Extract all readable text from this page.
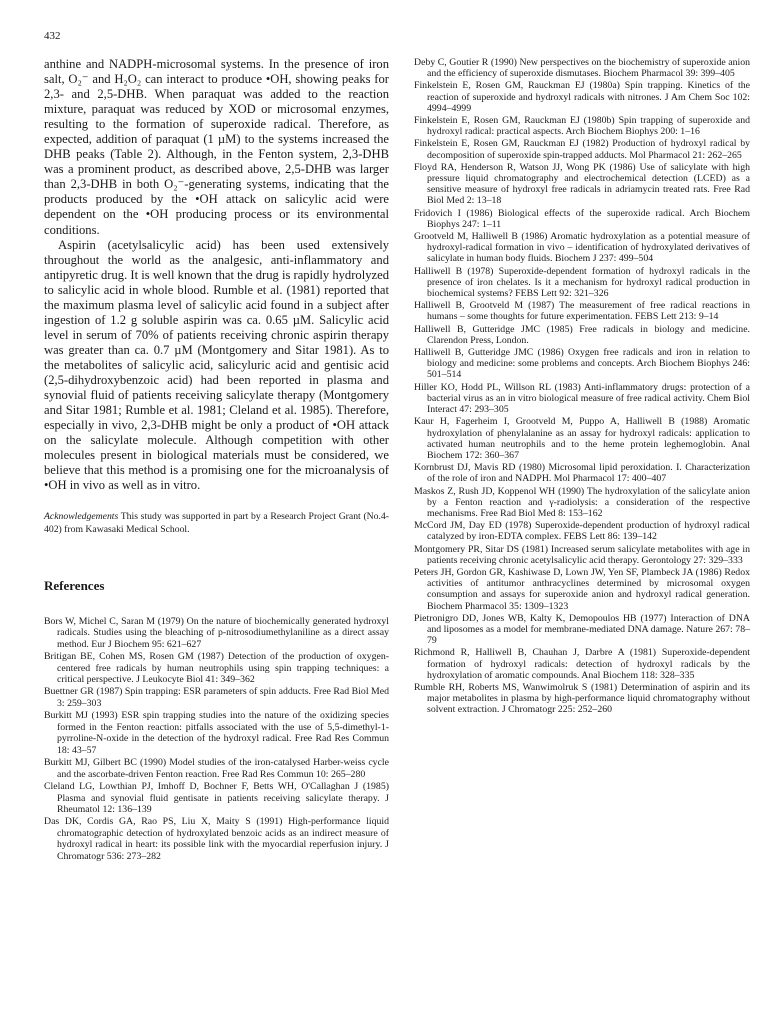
432

anthine and NADPH-microsomal systems. In the presence of iron salt, O₂⁻ and H₂O₂ can interact to produce •OH, showing peaks for 2,3- and 2,5-DHB. When paraquat was added to the reaction mixture, paraquat was reduced by XOD or microsomal enzymes, resulting to the formation of superoxide radical. Therefore, as expected, addition of paraquat (1 µM) to the systems increased the DHB peaks (Table 2). Although, in the Fenton system, 2,3-DHB was a prominent product, as described above, 2,5-DHB was larger than 2,3-DHB in both O₂⁻-generating systems, indicating that the products produced by the •OH attack on salicylic acid were dependent on the •OH producing process or its environmental conditions.

Aspirin (acetylsalicylic acid) has been used extensively throughout the world as the analgesic, anti-inflammatory and antipyretic drug. It is well known that the drug is rapidly hydrolyzed to salicylic acid in whole blood. Rumble et al. (1981) reported that the maximum plasma level of salicylic acid found in a subject after ingestion of 1.2 g soluble aspirin was ca. 0.65 µM. Salicylic acid level in serum of 70% of patients receiving chronic aspirin therapy was greater than ca. 0.7 µM (Montgomery and Sitar 1981). As to the metabolites of salicylic acid, salicyluric acid and gentisic acid (2,5-dihydroxybenzoic acid) had been reported in plasma and synovial fluid of patients receiving salicylate therapy (Montgomery and Sitar 1981; Rumble et al. 1981; Cleland et al. 1985). Therefore, especially in vivo, 2,3-DHB might be only a product of •OH attack on the salicylate molecule. Although competition with other molecules present in biological materials must be considered, we believe that this method is a promising one for the microanalysis of •OH in vivo as well as in vitro.

Acknowledgements This study was supported in part by a Research Project Grant (No.4-402) from Kawasaki Medical School.

References
Bors W, Michel C, Saran M (1979) On the nature of biochemically generated hydroxyl radicals. Studies using the bleaching of p-nitrosodiumethylaniline as a direct assay method. Eur J Biochem 95: 621–627
Britigan BE, Cohen MS, Rosen GM (1987) Detection of the production of oxygen-centered free radicals by human neutrophils using spin trapping techniques: a critical perspective. J Leukocyte Biol 41: 349–362
Buettner GR (1987) Spin trapping: ESR parameters of spin adducts. Free Rad Biol Med 3: 259–303
Burkitt MJ (1993) ESR spin trapping studies into the nature of the oxidizing species formed in the Fenton reaction: pitfalls associated with the use of 5,5-dimethyl-1-pyrroline-N-oxide in the detection of the hydroxyl radical. Free Rad Res Commun 18: 43–57
Burkitt MJ, Gilbert BC (1990) Model studies of the iron-catalysed Harber-weiss cycle and the ascorbate-driven Fenton reaction. Free Rad Res Commun 10: 265–280
Cleland LG, Lowthian PJ, Imhoff D, Bochner F, Betts WH, O'Callaghan J (1985) Plasma and synovial fluid gentisate in patients receiving salicylate therapy. J Rheumatol 12: 136–139
Das DK, Cordis GA, Rao PS, Liu X, Maity S (1991) High-performance liquid chromatographic detection of hydroxylated benzoic acids as an indirect measure of hydroxyl radical in heart: its possible link with the myocardial reperfusion injury. J Chromatogr 536: 273–282
Deby C, Goutier R (1990) New perspectives on the biochemistry of superoxide anion and the efficiency of superoxide dismutases. Biochem Pharmacol 39: 399–405
Finkelstein E, Rosen GM, Rauckman EJ (1980a) Spin trapping. Kinetics of the reaction of superoxide and hydroxyl radicals with nitrones. J Am Chem Soc 102: 4994–4999
Finkelstein E, Rosen GM, Rauckman EJ (1980b) Spin trapping of superoxide and hydroxyl radical: practical aspects. Arch Biochem Biophys 200: 1–16
Finkelstein E, Rosen GM, Rauckman EJ (1982) Production of hydroxyl radical by decomposition of superoxide spin-trapped adducts. Mol Pharmacol 21: 262–265
Floyd RA, Henderson R, Watson JJ, Wong PK (1986) Use of salicylate with high pressure liquid chromatography and electrochemical detection (LCED) as a sensitive measure of hydroxyl free radicals in adriamycin treated rats. Free Rad Biol Med 2: 13–18
Fridovich I (1986) Biological effects of the superoxide radical. Arch Biochem Biophys 247: 1–11
Grootveld M, Halliwell B (1986) Aromatic hydroxylation as a potential measure of hydroxyl-radical formation in vivo – identification of hydroxylated derivatives of salicylate in human body fluids. Biochem J 237: 499–504
Halliwell B (1978) Superoxide-dependent formation of hydroxyl radicals in the presence of iron chelates. Is it a mechanism for hydroxyl radical production in biochemical systems? FEBS Lett 92: 321–326
Halliwell B, Grootveld M (1987) The measurement of free radical reactions in humans – some thoughts for future experimentation. FEBS Lett 213: 9–14
Halliwell B, Gutteridge JMC (1985) Free radicals in biology and medicine. Clarendon Press, London.
Halliwell B, Gutteridge JMC (1986) Oxygen free radicals and iron in relation to biology and medicine: some problems and concepts. Arch Biochem Biophys 246: 501–514
Hiller KO, Hodd PL, Willson RL (1983) Anti-inflammatory drugs: protection of a bacterial virus as an in vitro biological measure of free radical activity. Chem Biol Interact 47: 293–305
Kaur H, Fagerheim I, Grootveld M, Puppo A, Halliwell B (1988) Aromatic hydroxylation of phenylalanine as an assay for hydroxyl radicals: application to activated human neutrophils and to the heme protein leghemoglobin. Anal Biochem 172: 360–367
Kornbrust DJ, Mavis RD (1980) Microsomal lipid peroxidation. I. Characterization of the role of iron and NADPH. Mol Pharmacol 17: 400–407
Maskos Z, Rush JD, Koppenol WH (1990) The hydroxylation of the salicylate anion by a Fenton reaction and γ-radiolysis: a consideration of the respective mechanisms. Free Rad Biol Med 8: 153–162
McCord JM, Day ED (1978) Superoxide-dependent production of hydroxyl radical catalyzed by iron-EDTA complex. FEBS Lett 86: 139–142
Montgomery PR, Sitar DS (1981) Increased serum salicylate metabolites with age in patients receiving chronic acetylsalicylic acid therapy. Gerontology 27: 329–333
Peters JH, Gordon GR, Kashiwase D, Lown JW, Yen SF, Plambeck JA (1986) Redox activities of antitumor anthracyclines determined by microsomal oxygen consumption and assays for superoxide anion and hydroxyl radical generation. Biochem Pharmacol 35: 1309–1323
Pietronigro DD, Jones WB, Kalty K, Demopoulos HB (1977) Interaction of DNA and liposomes as a model for membrane-mediated DNA damage. Nature 267: 78–79
Richmond R, Halliwell B, Chauhan J, Darbre A (1981) Superoxide-dependent formation of hydroxyl radicals: detection of hydroxyl radicals by the hydroxylation of aromatic compounds. Anal Biochem 118: 328–335
Rumble RH, Roberts MS, Wanwimolruk S (1981) Determination of aspirin and its major metabolites in plasma by high-performance liquid chromatography without solvent extraction. J Chromatogr 225: 252–260
